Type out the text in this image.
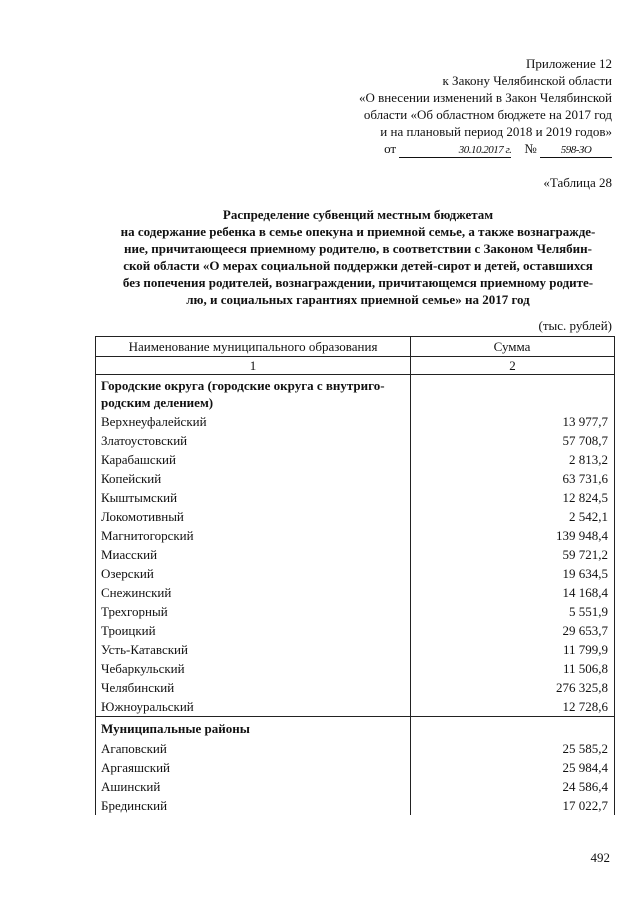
Приложение 12
к Закону Челябинской области
«О внесении изменений в Закон Челябинской
области «Об областном бюджете на 2017 год
и на плановый период 2018 и 2019 годов»
от	30.10.2017 г. № 598-ЗО
«Таблица 28
Распределение субвенций местным бюджетам
на содержание ребенка в семье опекуна и приемной семье, а также вознагражде-
ние, причитающееся приемному родителю, в соответствии с Законом Челябин-
ской области «О мерах социальной поддержки детей-сирот и детей, оставшихся
без попечения родителей, вознаграждении, причитающемся приемному родите-
лю, и социальных гарантиях приемной семье» на 2017 год
(тыс. рублей)
Наименование муниципального образования	Сумма
1	2
Городские округа (городские округа с внутриго-
родским делением)	
Верхнеуфалейский	13 977,7
Златоустовский	57 708,7
Карабашский	2 813,2
Копейский	63 731,6
Кыштымский	12 824,5
Локомотивный	2 542,1
Магнитогорский	139 948,4
Миасский	59 721,2
Озерский	19 634,5
Снежинский	14 168,4
Трехгорный	5 551,9
Троицкий	29 653,7
Усть-Катавский	11 799,9
Чебаркульский	11 506,8
Челябинский	276 325,8
Южноуральский	12 728,6
Муниципальные районы	
Агаповский	25 585,2
Аргаяшский	25 984,4
Ашинский	24 586,4
Брединский	17 022,7
492
